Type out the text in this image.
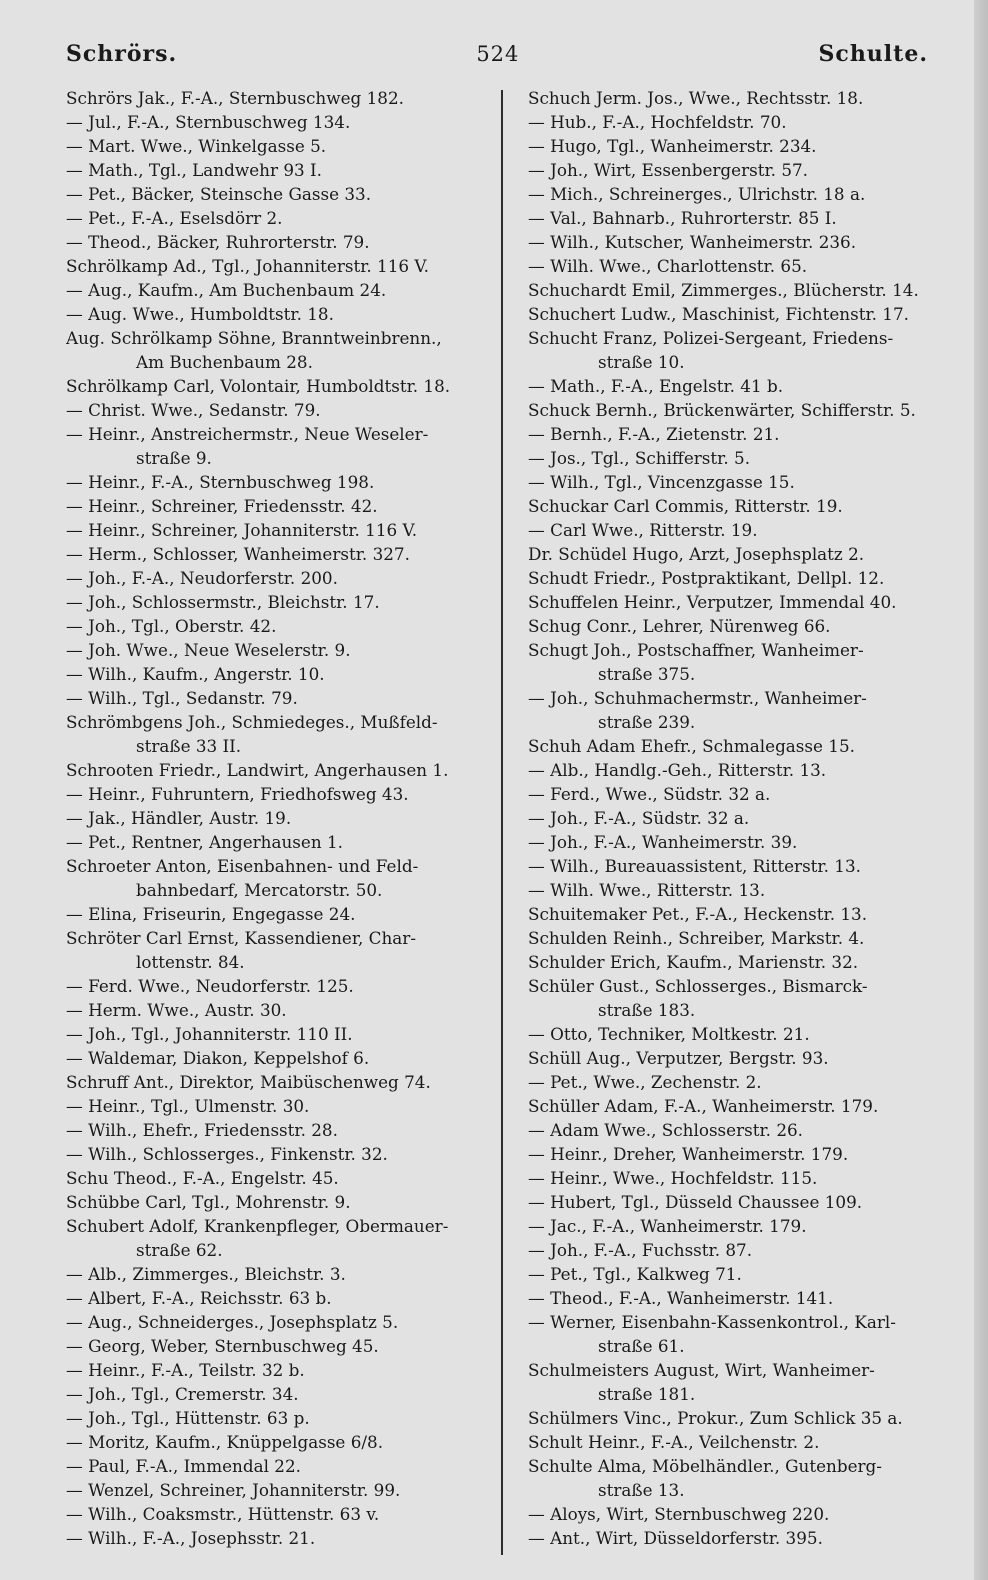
Schrörs.	524	Schulte.
Schrörs Jak., F.-A., Sternbuschweg 182.
— Jul., F.-A., Sternbuschweg 134.
— Mart. Wwe., Winkelgasse 5.
— Math., Tgl., Landwehr 93 I.
— Pet., Bäcker, Steinsche Gasse 33.
— Pet., F.-A., Eselsdörr 2.
— Theod., Bäcker, Ruhrorterstr. 79.
Schrölkamp Ad., Tgl., Johanniterstr. 116 V.
— Aug., Kaufm., Am Buchenbaum 24.
— Aug. Wwe., Humboldtstr. 18.
Aug. Schrölkamp Söhne, Branntweinbrenn.,
Am Buchenbaum 28.
Schrölkamp Carl, Volontair, Humboldtstr. 18.
— Christ. Wwe., Sedanstr. 79.
— Heinr., Anstreichermstr., Neue Weseler-
straße 9.
— Heinr., F.-A., Sternbuschweg 198.
— Heinr., Schreiner, Friedensstr. 42.
— Heinr., Schreiner, Johanniterstr. 116 V.
— Herm., Schlosser, Wanheimerstr. 327.
— Joh., F.-A., Neudorferstr. 200.
— Joh., Schlossermstr., Bleichstr. 17.
— Joh., Tgl., Oberstr. 42.
— Joh. Wwe., Neue Weselerstr. 9.
— Wilh., Kaufm., Angerstr. 10.
— Wilh., Tgl., Sedanstr. 79.
Schrömbgens Joh., Schmiedeges., Mußfeld-
straße 33 II.
Schrooten Friedr., Landwirt, Angerhausen 1.
— Heinr., Fuhruntern, Friedhofsweg 43.
— Jak., Händler, Austr. 19.
— Pet., Rentner, Angerhausen 1.
Schroeter Anton, Eisenbahnen- und Feld-
bahnbedarf, Mercatorstr. 50.
— Elina, Friseurin, Engegasse 24.
Schröter Carl Ernst, Kassendiener, Char-
lottenstr. 84.
— Ferd. Wwe., Neudorferstr. 125.
— Herm. Wwe., Austr. 30.
— Joh., Tgl., Johanniterstr. 110 II.
— Waldemar, Diakon, Keppelshof 6.
Schruff Ant., Direktor, Maibüschenweg 74.
— Heinr., Tgl., Ulmenstr. 30.
— Wilh., Ehefr., Friedensstr. 28.
— Wilh., Schlosserges., Finkenstr. 32.
Schu Theod., F.-A., Engelstr. 45.
Schübbe Carl, Tgl., Mohrenstr. 9.
Schubert Adolf, Krankenpfleger, Obermauer-
straße 62.
— Alb., Zimmerges., Bleichstr. 3.
— Albert, F.-A., Reichsstr. 63 b.
— Aug., Schneiderges., Josephsplatz 5.
— Georg, Weber, Sternbuschweg 45.
— Heinr., F.-A., Teilstr. 32 b.
— Joh., Tgl., Cremerstr. 34.
— Joh., Tgl., Hüttenstr. 63 p.
— Moritz, Kaufm., Knüppelgasse 6/8.
— Paul, F.-A., Immendal 22.
— Wenzel, Schreiner, Johanniterstr. 99.
— Wilh., Coaksmstr., Hüttenstr. 63 v.
— Wilh., F.-A., Josephsstr. 21.
Schuch Jerm. Jos., Wwe., Rechtsstr. 18.
— Hub., F.-A., Hochfeldstr. 70.
— Hugo, Tgl., Wanheimerstr. 234.
— Joh., Wirt, Essenbergerstr. 57.
— Mich., Schreinerges., Ulrichstr. 18 a.
— Val., Bahnarb., Ruhrorterstr. 85 I.
— Wilh., Kutscher, Wanheimerstr. 236.
— Wilh. Wwe., Charlottenstr. 65.
Schuchardt Emil, Zimmerges., Blücherstr. 14.
Schuchert Ludw., Maschinist, Fichtenstr. 17.
Schucht Franz, Polizei-Sergeant, Friedens-
straße 10.
— Math., F.-A., Engelstr. 41 b.
Schuck Bernh., Brückenwärter, Schifferstr. 5.
— Bernh., F.-A., Zietenstr. 21.
— Jos., Tgl., Schifferstr. 5.
— Wilh., Tgl., Vincenzgasse 15.
Schuckar Carl Commis, Ritterstr. 19.
— Carl Wwe., Ritterstr. 19.
Dr. Schüdel Hugo, Arzt, Josephsplatz 2.
Schudt Friedr., Postpraktikant, Dellpl. 12.
Schuffelen Heinr., Verputzer, Immendal 40.
Schug Conr., Lehrer, Nürenweg 66.
Schugt Joh., Postschaffner, Wanheimer-
straße 375.
— Joh., Schuhmachermstr., Wanheimer-
straße 239.
Schuh Adam Ehefr., Schmalegasse 15.
— Alb., Handlg.-Geh., Ritterstr. 13.
— Ferd., Wwe., Südstr. 32 a.
— Joh., F.-A., Südstr. 32 a.
— Joh., F.-A., Wanheimerstr. 39.
— Wilh., Bureauassistent, Ritterstr. 13.
— Wilh. Wwe., Ritterstr. 13.
Schuitemaker Pet., F.-A., Heckenstr. 13.
Schulden Reinh., Schreiber, Markstr. 4.
Schulder Erich, Kaufm., Marienstr. 32.
Schüler Gust., Schlosserges., Bismarck-
straße 183.
— Otto, Techniker, Moltkestr. 21.
Schüll Aug., Verputzer, Bergstr. 93.
— Pet., Wwe., Zechenstr. 2.
Schüller Adam, F.-A., Wanheimerstr. 179.
— Adam Wwe., Schlosserstr. 26.
— Heinr., Dreher, Wanheimerstr. 179.
— Heinr., Wwe., Hochfeldstr. 115.
— Hubert, Tgl., Düsseld Chaussee 109.
— Jac., F.-A., Wanheimerstr. 179.
— Joh., F.-A., Fuchsstr. 87.
— Pet., Tgl., Kalkweg 71.
— Theod., F.-A., Wanheimerstr. 141.
— Werner, Eisenbahn-Kassenkontrol., Karl-
straße 61.
Schulmeisters August, Wirt, Wanheimer-
straße 181.
Schülmers Vinc., Prokur., Zum Schlick 35 a.
Schult Heinr., F.-A., Veilchenstr. 2.
Schulte Alma, Möbelhändler., Gutenberg-
straße 13.
— Aloys, Wirt, Sternbuschweg 220.
— Ant., Wirt, Düsseldorferstr. 395.
